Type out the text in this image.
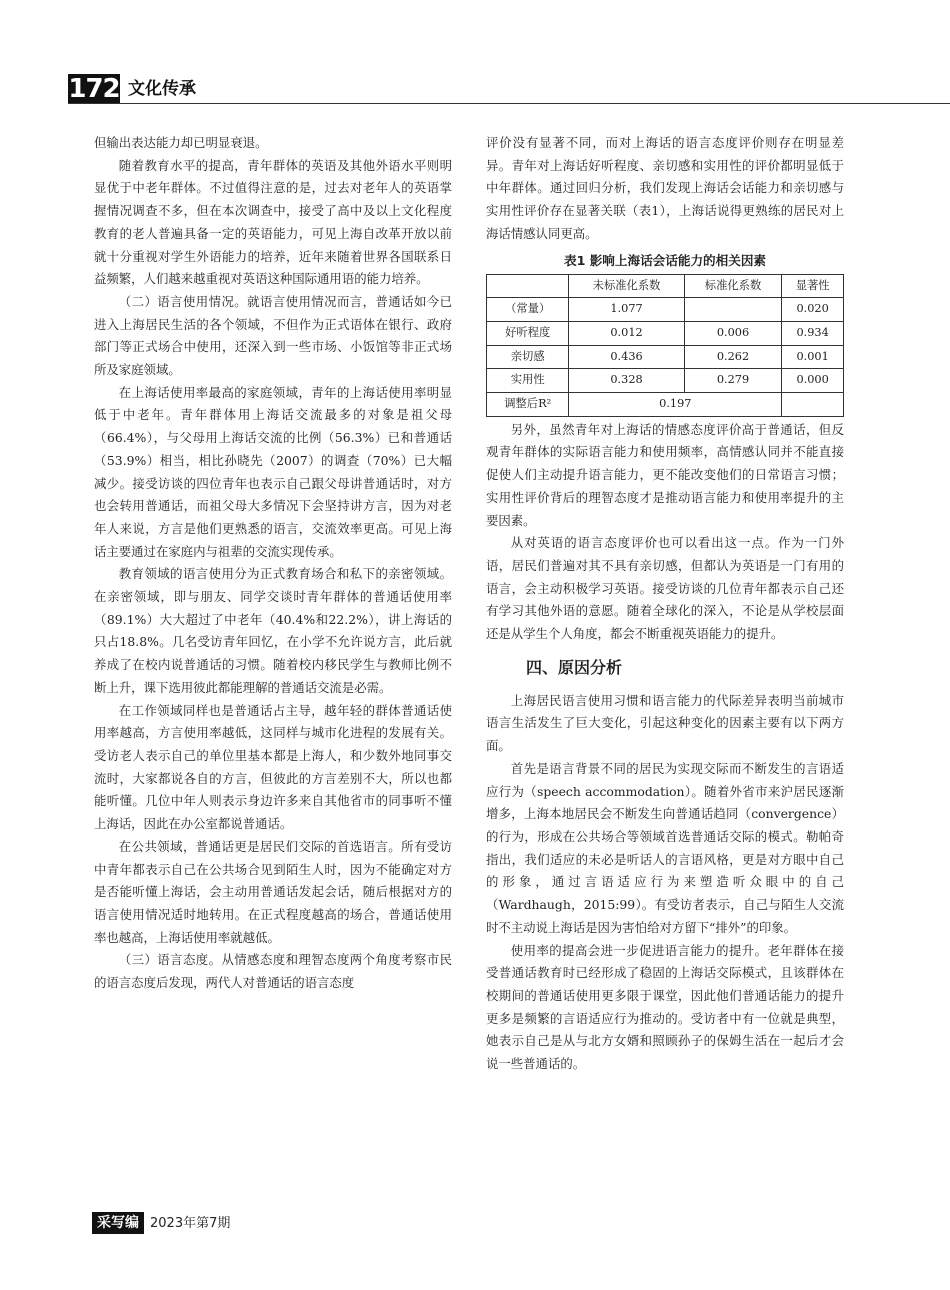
172 文化传承

但输出表达能力却已明显衰退。

随着教育水平的提高，青年群体的英语及其他外语水平则明显优于中老年群体。不过值得注意的是，过去对老年人的英语掌握情况调查不多，但在本次调查中，接受了高中及以上文化程度教育的老人普遍具备一定的英语能力，可见上海自改革开放以前就十分重视对学生外语能力的培养，近年来随着世界各国联系日益频繁，人们越来越重视对英语这种国际通用语的能力培养。

（二）语言使用情况。就语言使用情况而言，普通话如今已进入上海居民生活的各个领域，不但作为正式语体在银行、政府部门等正式场合中使用，还深入到一些市场、小饭馆等非正式场所及家庭领域。

在上海话使用率最高的家庭领域，青年的上海话使用率明显低于中老年。青年群体用上海话交流最多的对象是祖父母（66.4%），与父母用上海话交流的比例（56.3%）已和普通话（53.9%）相当，相比孙晓先（2007）的调查（70%）已大幅减少。接受访谈的四位青年也表示自己跟父母讲普通话时，对方也会转用普通话，而祖父母大多情况下会坚持讲方言，因为对老年人来说，方言是他们更熟悉的语言，交流效率更高。可见上海话主要通过在家庭内与祖辈的交流实现传承。

教育领域的语言使用分为正式教育场合和私下的亲密领域。在亲密领域，即与朋友、同学交谈时青年群体的普通话使用率（89.1%）大大超过了中老年（40.4%和22.2%），讲上海话的只占18.8%。几名受访青年回忆，在小学不允许说方言，此后就养成了在校内说普通话的习惯。随着校内移民学生与教师比例不断上升，课下选用彼此都能理解的普通话交流是必需。

在工作领域同样也是普通话占主导，越年轻的群体普通话使用率越高，方言使用率越低，这同样与城市化进程的发展有关。受访老人表示自己的单位里基本都是上海人，和少数外地同事交流时，大家都说各自的方言，但彼此的方言差别不大，所以也都能听懂。几位中年人则表示身边许多来自其他省市的同事听不懂上海话，因此在办公室都说普通话。

在公共领域，普通话更是居民们交际的首选语言。所有受访中青年都表示自己在公共场合见到陌生人时，因为不能确定对方是否能听懂上海话，会主动用普通话发起会话，随后根据对方的语言使用情况适时地转用。在正式程度越高的场合，普通话使用率也越高，上海话使用率就越低。

（三）语言态度。从情感态度和理智态度两个角度考察市民的语言态度后发现，两代人对普通话的语言态度

评价没有显著不同，而对上海话的语言态度评价则存在明显差异。青年对上海话好听程度、亲切感和实用性的评价都明显低于中年群体。通过回归分析，我们发现上海话会话能力和亲切感与实用性评价存在显著关联（表1），上海话说得更熟练的居民对上海话情感认同更高。

表1 影响上海话会话能力的相关因素
	未标准化系数	标准化系数	显著性
（常量）	1.077		0.020
好听程度	0.012	0.006	0.934
亲切感	0.436	0.262	0.001
实用性	0.328	0.279	0.000
调整后R²	0.197		

另外，虽然青年对上海话的情感态度评价高于普通话，但反观青年群体的实际语言能力和使用频率，高情感认同并不能直接促使人们主动提升语言能力，更不能改变他们的日常语言习惯；实用性评价背后的理智态度才是推动语言能力和使用率提升的主要因素。

从对英语的语言态度评价也可以看出这一点。作为一门外语，居民们普遍对其不具有亲切感，但都认为英语是一门有用的语言，会主动积极学习英语。接受访谈的几位青年都表示自己还有学习其他外语的意愿。随着全球化的深入，不论是从学校层面还是从学生个人角度，都会不断重视英语能力的提升。

四、原因分析

上海居民语言使用习惯和语言能力的代际差异表明当前城市语言生活发生了巨大变化，引起这种变化的因素主要有以下两方面。

首先是语言背景不同的居民为实现交际而不断发生的言语适应行为（speech accommodation）。随着外省市来沪居民逐渐增多，上海本地居民会不断发生向普通话趋同（convergence）的行为，形成在公共场合等领域首选普通话交际的模式。勒帕奇指出，我们适应的未必是听话人的言语风格，更是对方眼中自己的形象，通过言语适应行为来塑造听众眼中的自己（Wardhaugh，2015:99）。有受访者表示，自己与陌生人交流时不主动说上海话是因为害怕给对方留下“排外”的印象。

使用率的提高会进一步促进语言能力的提升。老年群体在接受普通话教育时已经形成了稳固的上海话交际模式，且该群体在校期间的普通话使用更多限于课堂，因此他们普通话能力的提升更多是频繁的言语适应行为推动的。受访者中有一位就是典型，她表示自己是从与北方女婿和照顾孙子的保姆生活在一起后才会说一些普通话的。

采写编 2023年第7期
